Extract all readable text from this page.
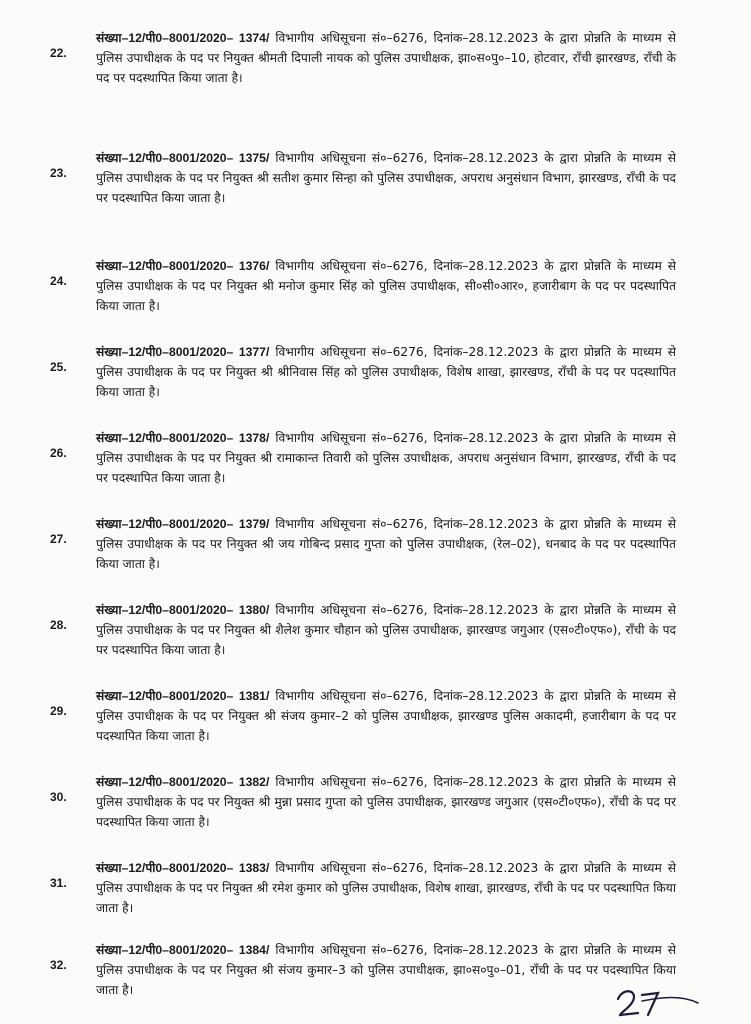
22.
संख्या–12/पी0–8001/2020– 1374/ विभागीय अधिसूचना सं०–6276, दिनांक–28.12.2023 के द्वारा प्रोन्नति के माध्यम से पुलिस उपाधीक्षक के पद पर नियुक्त श्रीमती दिपाली नायक को पुलिस उपाधीक्षक, झा०स०पु०–10, होटवार, राँची झारखण्ड, राँची के पद पर पदस्थापित किया जाता है।
23.
संख्या–12/पी0–8001/2020– 1375/ विभागीय अधिसूचना सं०–6276, दिनांक–28.12.2023 के द्वारा प्रोन्नति के माध्यम से पुलिस उपाधीक्षक के पद पर नियुक्त श्री सतीश कुमार सिन्हा को पुलिस उपाधीक्षक, अपराध अनुसंधान विभाग, झारखण्ड, राँची के पद पर पदस्थापित किया जाता है।
24.
संख्या–12/पी0–8001/2020– 1376/ विभागीय अधिसूचना सं०–6276, दिनांक–28.12.2023 के द्वारा प्रोन्नति के माध्यम से पुलिस उपाधीक्षक के पद पर नियुक्त श्री मनोज कुमार सिंह को पुलिस उपाधीक्षक, सी०सी०आर०, हजारीबाग के पद पर पदस्थापित किया जाता है।
25.
संख्या–12/पी0–8001/2020– 1377/ विभागीय अधिसूचना सं०–6276, दिनांक–28.12.2023 के द्वारा प्रोन्नति के माध्यम से पुलिस उपाधीक्षक के पद पर नियुक्त श्री श्रीनिवास सिंह को पुलिस उपाधीक्षक, विशेष शाखा, झारखण्ड, राँची के पद पर पदस्थापित किया जाता है।
26.
संख्या–12/पी0–8001/2020– 1378/ विभागीय अधिसूचना सं०–6276, दिनांक–28.12.2023 के द्वारा प्रोन्नति के माध्यम से पुलिस उपाधीक्षक के पद पर नियुक्त श्री रामाकान्त तिवारी को पुलिस उपाधीक्षक, अपराध अनुसंधान विभाग, झारखण्ड, राँची के पद पर पदस्थापित किया जाता है।
27.
संख्या–12/पी0–8001/2020– 1379/ विभागीय अधिसूचना सं०–6276, दिनांक–28.12.2023 के द्वारा प्रोन्नति के माध्यम से पुलिस उपाधीक्षक के पद पर नियुक्त श्री जय गोबिन्द प्रसाद गुप्ता को पुलिस उपाधीक्षक, (रेल–02), धनबाद के पद पर पदस्थापित किया जाता है।
28.
संख्या–12/पी0–8001/2020– 1380/ विभागीय अधिसूचना सं०–6276, दिनांक–28.12.2023 के द्वारा प्रोन्नति के माध्यम से पुलिस उपाधीक्षक के पद पर नियुक्त श्री शैलेश कुमार चौहान को पुलिस उपाधीक्षक, झारखण्ड जगुआर (एस०टी०एफ०), राँची के पद पर पदस्थापित किया जाता है।
29.
संख्या–12/पी0–8001/2020– 1381/ विभागीय अधिसूचना सं०–6276, दिनांक–28.12.2023 के द्वारा प्रोन्नति के माध्यम से पुलिस उपाधीक्षक के पद पर नियुक्त श्री संजय कुमार–2 को पुलिस उपाधीक्षक, झारखण्ड पुलिस अकादमी, हजारीबाग के पद पर पदस्थापित किया जाता है।
30.
संख्या–12/पी0–8001/2020– 1382/ विभागीय अधिसूचना सं०–6276, दिनांक–28.12.2023 के द्वारा प्रोन्नति के माध्यम से पुलिस उपाधीक्षक के पद पर नियुक्त श्री मुन्ना प्रसाद गुप्ता को पुलिस उपाधीक्षक, झारखण्ड जगुआर (एस०टी०एफ०), राँची के पद पर पदस्थापित किया जाता है।
31.
संख्या–12/पी0–8001/2020– 1383/ विभागीय अधिसूचना सं०–6276, दिनांक–28.12.2023 के द्वारा प्रोन्नति के माध्यम से पुलिस उपाधीक्षक के पद पर नियुक्त श्री रमेश कुमार को पुलिस उपाधीक्षक, विशेष शाखा, झारखण्ड, राँची के पद पर पदस्थापित किया जाता है।
32.
संख्या–12/पी0–8001/2020– 1384/ विभागीय अधिसूचना सं०–6276, दिनांक–28.12.2023 के द्वारा प्रोन्नति के माध्यम से पुलिस उपाधीक्षक के पद पर नियुक्त श्री संजय कुमार–3 को पुलिस उपाधीक्षक, झा०स०पु०–01, राँची के पद पर पदस्थापित किया जाता है।
